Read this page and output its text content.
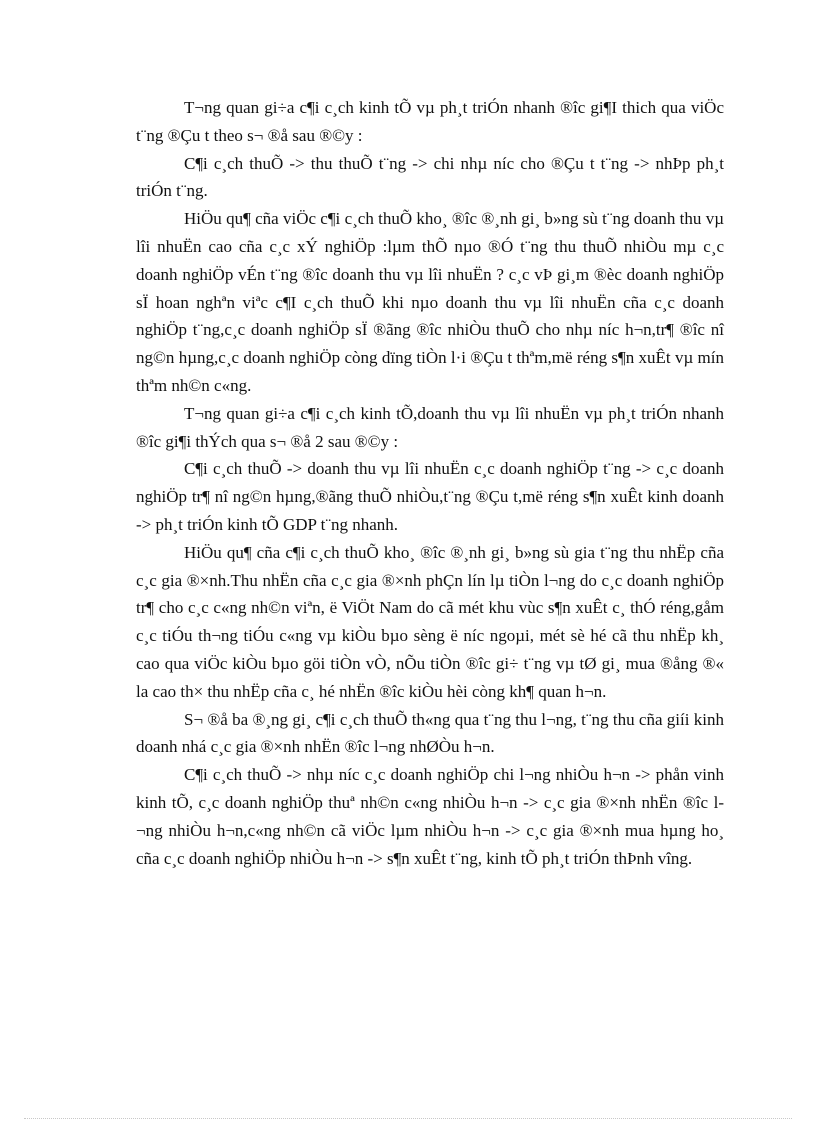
T¬ng quan gi÷a c¶i c¸ch kinh tÕ vµ ph¸t triÓn nhanh ®îc gi¶I thich qua viÖc t¨ng ®Çu t theo s¬ ®å sau ®©y :

C¶i c¸ch thuÕ -> thu thuÕ t¨ng -> chi nhµ níc cho ®Çu t t¨ng -> nhÞp ph¸t triÓn t¨ng.

HiÖu qu¶ cña viÖc c¶i c¸ch thuÕ kho¸ ®îc ®¸nh gi¸ b»ng sù t¨ng doanh thu vµ lîi nhuËn cao cña c¸c xÝ nghiÖp :lµm thÕ nµo ®Ó t¨ng thu thuÕ nhiÒu mµ c¸c doanh nghiÖp vÉn t¨ng ®îc doanh thu vµ lîi nhuËn ? c¸c vÞ gi¸m ®èc doanh nghiÖp sÏ hoan nghªn viªc c¶I c¸ch thuÕ khi nµo doanh thu vµ lîi nhuËn cña c¸c doanh nghiÖp t¨ng,c¸c doanh nghiÖp sÏ ®ãng ®îc nhiÒu thuÕ cho nhµ níc h¬n,tr¶ ®îc nî ng©n hµng,c¸c doanh nghiÖp còng dïng tiÒn l·i ®Çu t thªm,më réng s¶n xuÊt vµ mín thªm nh©n c«ng.

T¬ng quan gi÷a c¶i c¸ch kinh tÕ,doanh thu vµ lîi nhuËn vµ ph¸t triÓn nhanh ®îc gi¶i thÝch qua s¬ ®å 2 sau ®©y :

C¶i c¸ch thuÕ -> doanh thu vµ lîi nhuËn c¸c doanh nghiÖp t¨ng -> c¸c doanh nghiÖp tr¶ nî ng©n hµng,®ãng thuÕ nhiÒu,t¨ng ®Çu t,më réng s¶n xuÊt kinh doanh -> ph¸t triÓn kinh tÕ GDP t¨ng nhanh.

HiÖu qu¶ cña c¶i c¸ch thuÕ kho¸ ®îc ®¸nh gi¸ b»ng sù gia t¨ng thu nhËp cña c¸c gia ®×nh.Thu nhËn cña c¸c gia ®×nh phÇn lín lµ tiÒn l¬ng do c¸c doanh nghiÖp tr¶ cho c¸c c«ng nh©n viªn, ë ViÖt Nam do cã mét khu vùc s¶n xuÊt c¸ thÓ réng,gåm c¸c tiÓu th¬ng tiÓu c«ng vµ kiÒu bµo sèng ë níc ngoµi, mét sè hé cã thu nhËp kh¸ cao qua viÖc kiÒu bµo göi tiÒn vÒ, nÕu tiÒn ®îc gi÷ t¨ng vµ tØ gi¸ mua ®ång ®« la cao th× thu nhËp cña c¸ hé nhËn ®îc kiÒu hèi còng kh¶ quan h¬n.

S¬ ®å ba ®¸ng gi¸ c¶i c¸ch thuÕ th«ng qua t¨ng thu l¬ng, t¨ng thu cña giíi kinh doanh nhá c¸c gia ®×nh nhËn ®îc l¬ng nhØÒu h¬n.

C¶i c¸ch thuÕ -> nhµ níc c¸c doanh nghiÖp chi l¬ng nhiÒu h¬n -> phån vinh kinh tÕ, c¸c doanh nghiÖp thuª nh©n c«ng nhiÒu h¬n -> c¸c gia ®×nh nhËn ®îc l¬ng nhiÒu h¬n,c«ng nh©n cã viÖc lµm nhiÒu h¬n -> c¸c gia ®×nh mua hµng ho¸ cña c¸c doanh nghiÖp nhiÒu h¬n -> s¶n xuÊt t¨ng, kinh tÕ ph¸t triÓn thÞnh vîng.
